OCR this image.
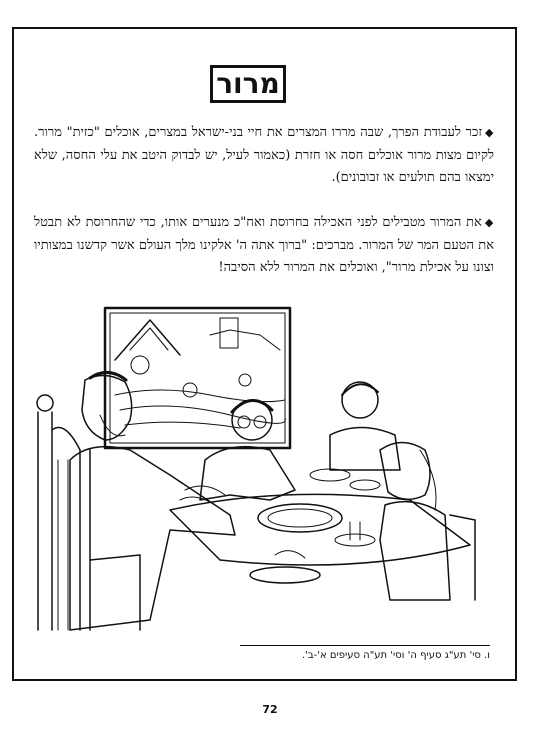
מרור

◆זכר לעבודת הפרך, שבה מררו המצרים את חיי בני-ישראל במצרים, אוכלים "כזית" מרור. לקיום מצות מרור אוכלים חסה או חזרת (כאמור לעיל, יש לבדוק היטב את עלי החסה, שלא ימצאו בהם תולעים או זבובונים).

◆את המרור מטבילים לפני האכילה בחרוסת ואח"כ מנערים אותו, כדי שהחרוסת לא תבטל את הטעם המר של המרור. מברכים: "ברוך אתה ה' אלקינו מלך העולם אשר קדשנו במצותיו וצונו על אכילת מרור", ואוכלים את המרור ללא הסיבה!

ו. סי' תע"ג סעיף ה' וסי' תע"ה סעיפים א'-ב'.
72
